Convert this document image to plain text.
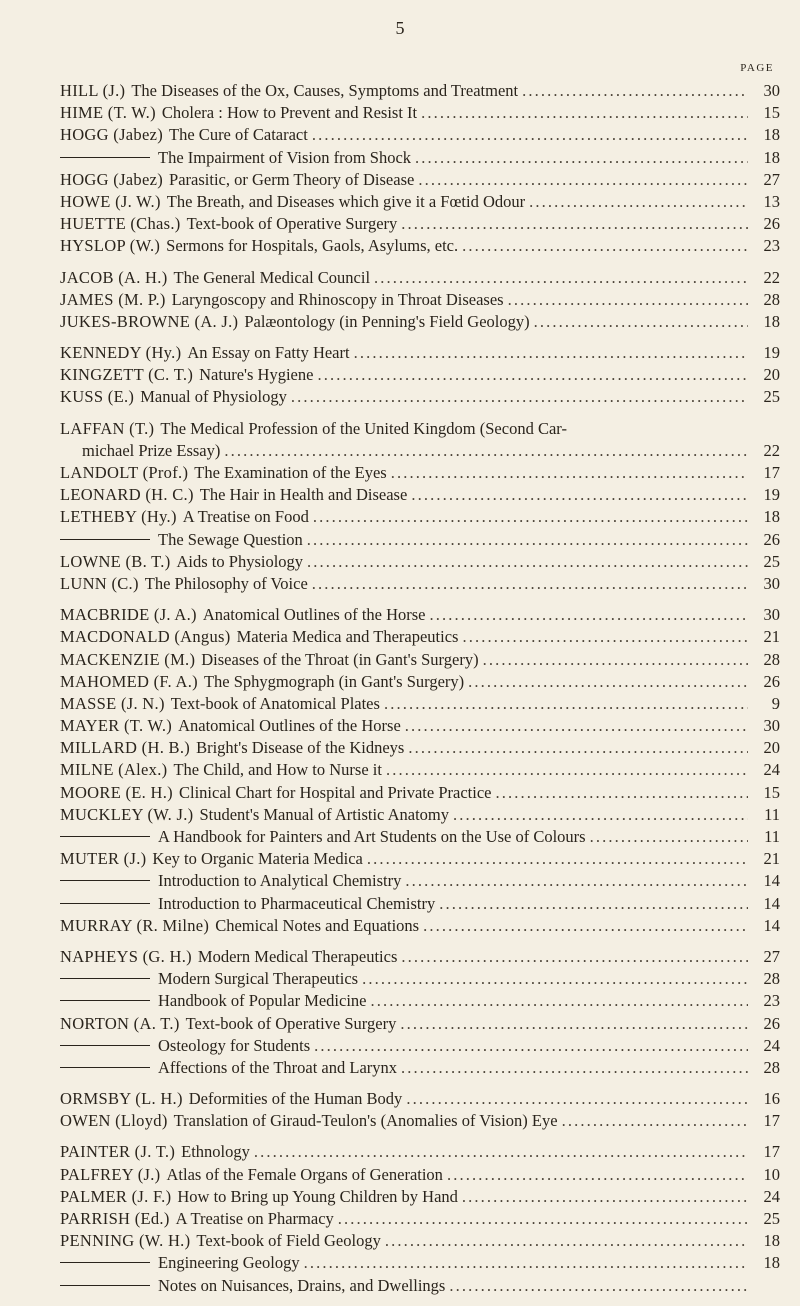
5
PAGE
HILL (J.) The Diseases of the Ox, Causes, Symptoms and Treatment . . .	30
HIME (T. W.) Cholera : How to Prevent and Resist It . . .	15
HOGG (Jabez) The Cure of Cataract . . .	18
The Impairment of Vision from Shock . . .	18
HOGG (Jabez) Parasitic, or Germ Theory of Disease . . .	27
HOWE (J. W.) The Breath, and Diseases which give it a Fœtid Odour . . .	13
HUETTE (Chas.) Text-book of Operative Surgery . . .	26
HYSLOP (W.) Sermons for Hospitals, Gaols, Asylums, etc. . . .	23
JACOB (A. H.) The General Medical Council . . .	22
JAMES (M. P.) Laryngoscopy and Rhinoscopy in Throat Diseases . . .	28
JUKES-BROWNE (A. J.) Palæontology (in Penning's Field Geology) . . .	18
KENNEDY (Hy.) An Essay on Fatty Heart . . .	19
KINGZETT (C. T.) Nature's Hygiene . . .	20
KUSS (E.) Manual of Physiology . . .	25
LAFFAN (T.) The Medical Profession of the United Kingdom (Second Car-
michael Prize Essay) . . .	22
LANDOLT (Prof.) The Examination of the Eyes . . .	17
LEONARD (H. C.) The Hair in Health and Disease . . .	19
LETHEBY (Hy.) A Treatise on Food . . .	18
The Sewage Question . . .	26
LOWNE (B. T.) Aids to Physiology . . .	25
LUNN (C.) The Philosophy of Voice . . .	30
MACBRIDE (J. A.) Anatomical Outlines of the Horse . . .	30
MACDONALD (Angus) Materia Medica and Therapeutics . . .	21
MACKENZIE (M.) Diseases of the Throat (in Gant's Surgery) . . .	28
MAHOMED (F. A.) The Sphygmograph (in Gant's Surgery) . . .	26
MASSE (J. N.) Text-book of Anatomical Plates . . .	9
MAYER (T. W.) Anatomical Outlines of the Horse . . .	30
MILLARD (H. B.) Bright's Disease of the Kidneys . . .	20
MILNE (Alex.) The Child, and How to Nurse it . . .	24
MOORE (E. H.) Clinical Chart for Hospital and Private Practice . . .	15
MUCKLEY (W. J.) Student's Manual of Artistic Anatomy . . .	11
A Handbook for Painters and Art Students on the Use of Colours . . .	11
MUTER (J.) Key to Organic Materia Medica . . .	21
Introduction to Analytical Chemistry . . .	14
Introduction to Pharmaceutical Chemistry . . .	14
MURRAY (R. Milne) Chemical Notes and Equations . . .	14
NAPHEYS (G. H.) Modern Medical Therapeutics . . .	27
Modern Surgical Therapeutics . . .	28
Handbook of Popular Medicine . . .	23
NORTON (A. T.) Text-book of Operative Surgery . . .	26
Osteology for Students . . .	24
Affections of the Throat and Larynx . . .	28
ORMSBY (L. H.) Deformities of the Human Body . . .	16
OWEN (Lloyd) Translation of Giraud-Teulon's (Anomalies of Vision) Eye . . .	17
PAINTER (J. T.) Ethnology . . .	17
PALFREY (J.) Atlas of the Female Organs of Generation . . .	10
PALMER (J. F.) How to Bring up Young Children by Hand . . .	24
PARRISH (Ed.) A Treatise on Pharmacy . . .	25
PENNING (W. H.) Text-book of Field Geology . . .	18
Engineering Geology . . .	18
Notes on Nuisances, Drains, and Dwellings
. . .
